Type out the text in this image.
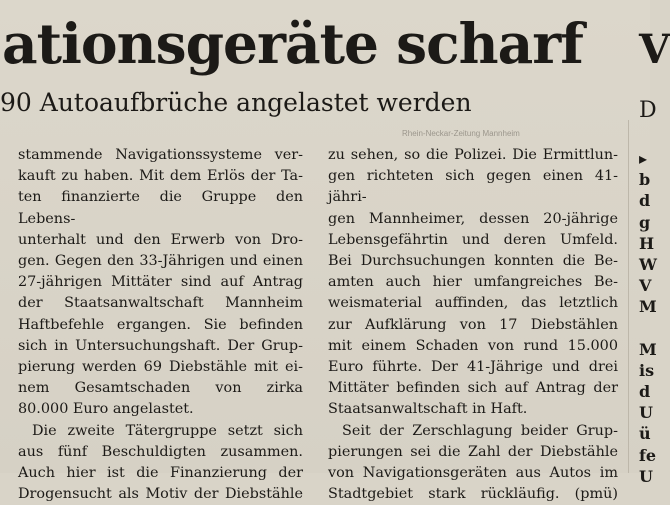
ationsgeräte scharf
90 Autoaufbrüche angelastet werden
Rhein-Neckar-Zeitung Mannheim
stammende Navigationssysteme ver-
kauft zu haben. Mit dem Erlös der Ta-
ten finanzierte die Gruppe den Lebens-
unterhalt und den Erwerb von Dro-
gen. Gegen den 33-Jährigen und einen
27-jährigen Mittäter sind auf Antrag
der Staatsanwaltschaft Mannheim
Haftbefehle ergangen. Sie befinden
sich in Untersuchungshaft. Der Grup-
pierung werden 69 Diebstähle mit ei-
nem Gesamtschaden von zirka
80.000 Euro angelastet.
Die zweite Tätergruppe setzt sich
aus fünf Beschuldigten zusammen.
Auch hier ist die Finanzierung der
Drogensucht als Motiv der Diebstähle
zu sehen, so die Polizei. Die Ermittlun-
gen richteten sich gegen einen 41-jähri-
gen Mannheimer, dessen 20-jährige
Lebensgefährtin und deren Umfeld.
Bei Durchsuchungen konnten die Be-
amten auch hier umfangreiches Be-
weismaterial auffinden, das letztlich
zur Aufklärung von 17 Diebstählen
mit einem Schaden von rund 15.000
Euro führte. Der 41-Jährige und drei
Mittäter befinden sich auf Antrag der
Staatsanwaltschaft in Haft.
Seit der Zerschlagung beider Grup-
pierungen sei die Zahl der Diebstähle
von Navigationsgeräten aus Autos im
Stadtgebiet stark rückläufig. (pmü)
V
D
▸
b
d
g
H
W
V
M
M
is
d
U
ü
fe
U
